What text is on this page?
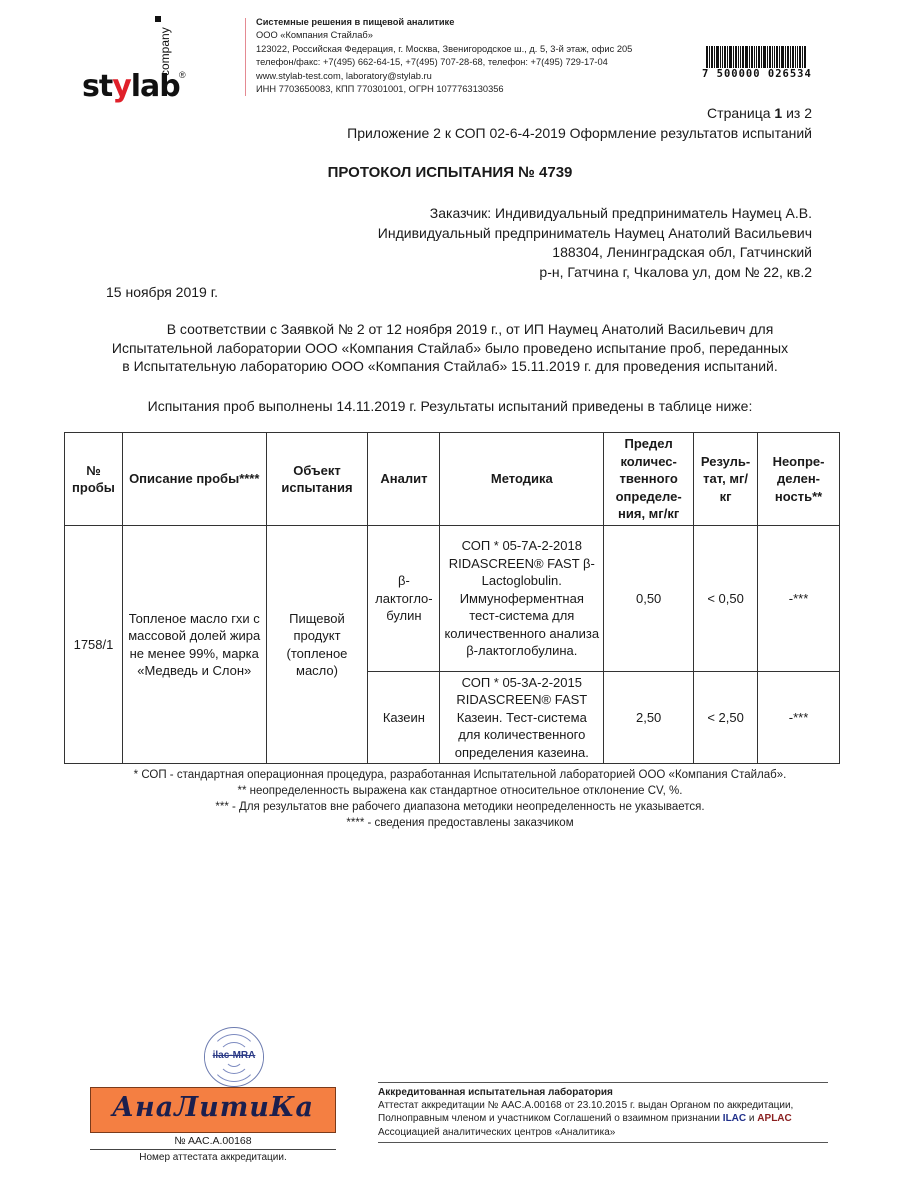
company
stylab ®
Системные решения в пищевой аналитике
ООО «Компания Стайлаб»
123022, Российская Федерация, г. Москва, Звенигородское ш., д. 5, 3-й этаж, офис 205
телефон/факс: +7(495) 662-64-15, +7(495) 707-28-68, телефон: +7(495) 729-17-04
www.stylab-test.com, laboratory@stylab.ru
ИНН 7703650083, КПП 770301001, ОГРН 1077763130356
7 500000 026534
Страница 1 из 2
Приложение 2 к СОП 02-6-4-2019 Оформление результатов испытаний
ПРОТОКОЛ ИСПЫТАНИЯ № 4739
Заказчик: Индивидуальный предприниматель Наумец А.В.
Индивидуальный предприниматель Наумец Анатолий Васильевич
188304, Ленинградская обл, Гатчинский
р-н, Гатчина г, Чкалова ул, дом № 22, кв.2
15 ноября 2019 г.
В соответствии с Заявкой № 2 от 12 ноября 2019 г., от ИП Наумец Анатолий Васильевич для
Испытательной лаборатории ООО «Компания Стайлаб» было проведено испытание проб, переданных
в Испытательную лабораторию ООО «Компания Стайлаб» 15.11.2019 г. для проведения испытаний.
Испытания проб выполнены 14.11.2019 г. Результаты испытаний приведены в таблице ниже:
№ пробы	Описание пробы****	Объект испытания	Аналит	Методика	Предел количес-твенного определе-ния, мг/кг	Резуль-тат, мг/кг	Неопре-делен-ность**
1758/1	Топленое масло гхи с массовой долей жира не менее 99%, марка «Медведь и Слон»	Пищевой продукт (топленое масло)	β-лактогло-булин	СОП * 05-7А-2-2018 RIDASCREEN® FAST β-Lactoglobulin. Иммуноферментная тест-система для количественного анализа β-лактоглобулина.	0,50	< 0,50	-***
			Казеин	СОП * 05-3А-2-2015 RIDASCREEN® FAST Казеин. Тест-система для количественного определения казеина.	2,50	< 2,50	-***
* СОП - стандартная операционная процедура, разработанная Испытательной лабораторией ООО «Компания Стайлаб».
** неопределенность выражена как стандартное относительное отклонение CV, %.
*** - Для результатов вне рабочего диапазона методики неопределенность не указывается.
**** - сведения предоставлены заказчиком
ilac-MRA
АнаЛитиКа
№ AAC.A.00168
Номер аттестата аккредитации.
Аккредитованная испытательная лаборатория
Аттестат аккредитации № AAC.A.00168 от 23.10.2015 г. выдан Органом по аккредитации,
Полноправным членом и участником Соглашений о взаимном признании ILAC и APLAC
Ассоциацией аналитических центров «Аналитика»
